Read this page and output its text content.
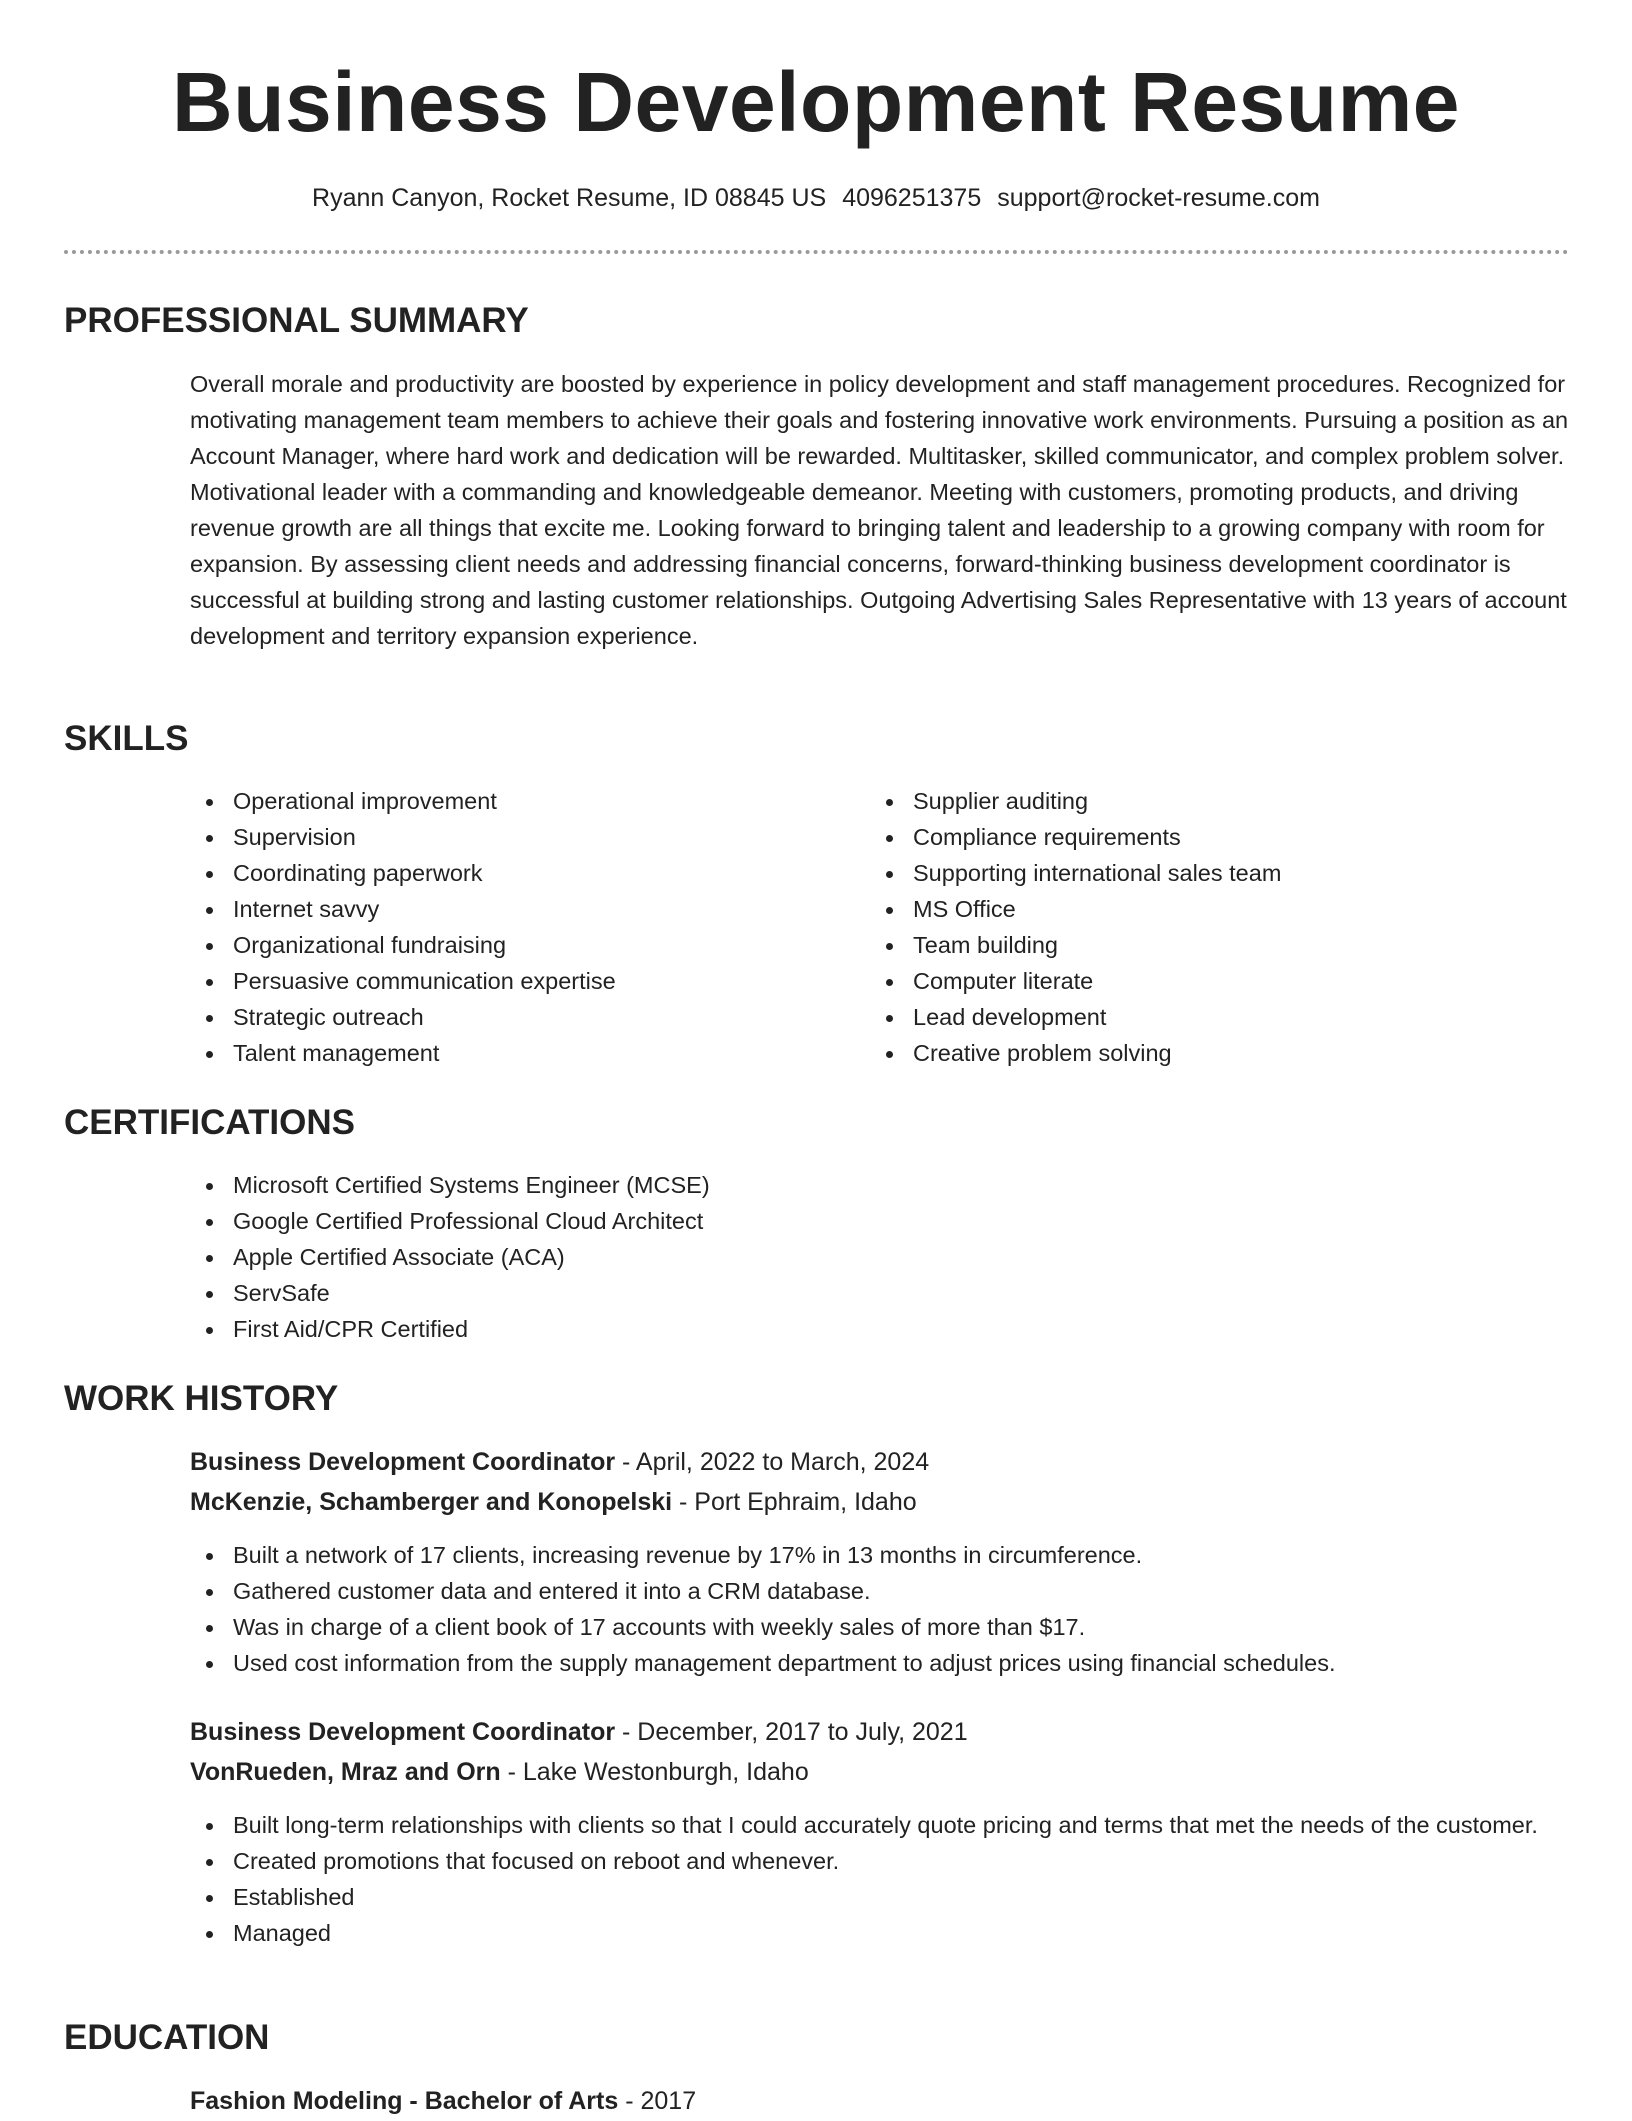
Business Development Resume
Ryann Canyon, Rocket Resume, ID 08845 US 4096251375 support@rocket-resume.com
PROFESSIONAL SUMMARY

Overall morale and productivity are boosted by experience in policy development and staff management procedures. Recognized for motivating management team members to achieve their goals and fostering innovative work environments. Pursuing a position as an Account Manager, where hard work and dedication will be rewarded. Multitasker, skilled communicator, and complex problem solver. Motivational leader with a commanding and knowledgeable demeanor. Meeting with customers, promoting products, and driving revenue growth are all things that excite me. Looking forward to bringing talent and leadership to a growing company with room for expansion. By assessing client needs and addressing financial concerns, forward-thinking business development coordinator is successful at building strong and lasting customer relationships. Outgoing Advertising Sales Representative with 13 years of account development and territory expansion experience.

SKILLS
Operational improvement
Supervision
Coordinating paperwork
Internet savvy
Organizational fundraising
Persuasive communication expertise
Strategic outreach
Talent management
Supplier auditing
Compliance requirements
Supporting international sales team
MS Office
Team building
Computer literate
Lead development
Creative problem solving
CERTIFICATIONS
Microsoft Certified Systems Engineer (MCSE)
Google Certified Professional Cloud Architect
Apple Certified Associate (ACA)
ServSafe
First Aid/CPR Certified
WORK HISTORY
Business Development Coordinator - April, 2022 to March, 2024
McKenzie, Schamberger and Konopelski - Port Ephraim, Idaho
Built a network of 17 clients, increasing revenue by 17% in 13 months in circumference.
Gathered customer data and entered it into a CRM database.
Was in charge of a client book of 17 accounts with weekly sales of more than $17.
Used cost information from the supply management department to adjust prices using financial schedules.
Business Development Coordinator - December, 2017 to July, 2021
VonRueden, Mraz and Orn - Lake Westonburgh, Idaho
Built long-term relationships with clients so that I could accurately quote pricing and terms that met the needs of the customer.
Created promotions that focused on reboot and whenever.
Established
Managed
EDUCATION
Fashion Modeling - Bachelor of Arts - 2017
